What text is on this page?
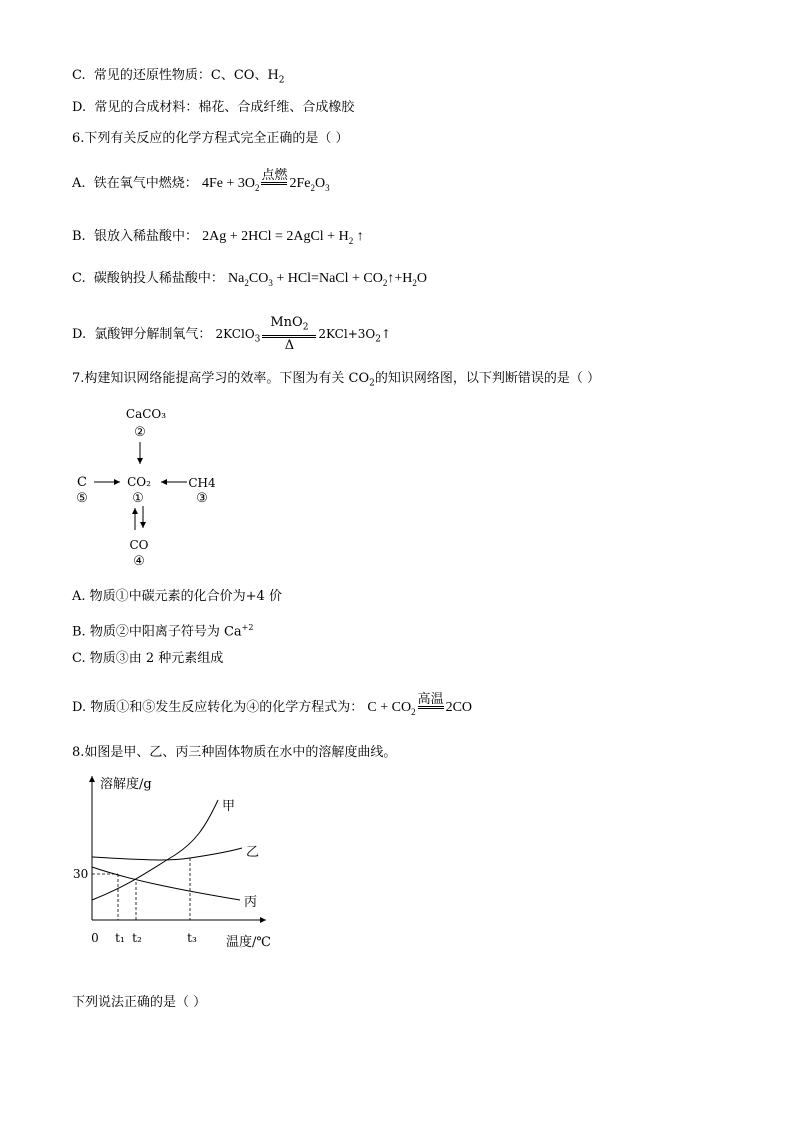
C. 常见的还原性物质：C、CO、$H_2$
D. 常见的合成材料：棉花、合成纤维、合成橡胶
6.下列有关反应的化学方程式完全正确的是（ ）
A. 铁在氧气中燃烧： $4Fe + 3O_2$
点燃

$2Fe_2O_3$
B. 银放入稀盐酸中： 2Ag + 2HCl = 2AgCl + $H_2$ ↑
C. 碳酸钠投人稀盐酸中： $Na_2CO_3$ + HCl=NaCl + $CO_2↑+H_2O$
D. 氯酸钾分解制氧气： 2KClO$_3$ $\frac{MnO_2}{\Delta}$ $2KCl+3O_2↑$
7.构建知识网络能提高学习的效率。下图为有关 $CO_2$的知识网络图，以下判断错误的是（ ）
CaCO₃
②
CO₂
①
C
⑤
CH4
③
CO
④
A. 物质①中碳元素的化合价为+4 价
B. 物质②中阳离子符号为 $Ca^{+2}$
C. 物质③由 2 种元素组成
D. 物质①和⑤发生反应转化为④的化学方程式为： $C + CO_2$
高温

2CO
8.如图是甲、乙、丙三种固体物质在水中的溶解度曲线。
溶解度/g
温度/℃
0
30
t₁ t₂	t₃
甲
乙
丙
下列说法正确的是（ ）
